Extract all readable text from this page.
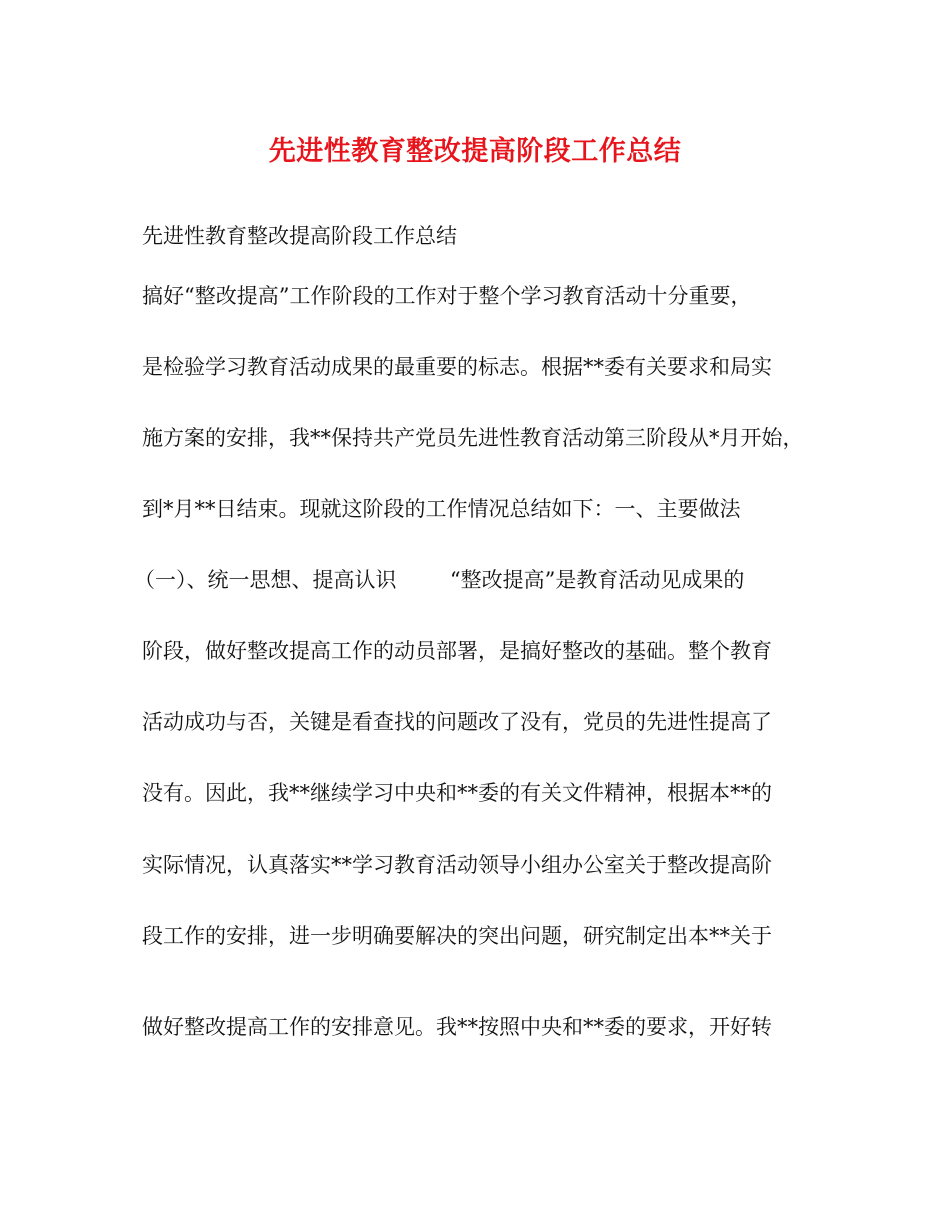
先进性教育整改提高阶段工作总结
先进性教育整改提高阶段工作总结
搞好“整改提高”工作阶段的工作对于整个学习教育活动十分重要，
是检验学习教育活动成果的最重要的标志。根据**委有关要求和局实
施方案的安排，我**保持共产党员先进性教育活动第三阶段从*月开始，
到*月**日结束。现就这阶段的工作情况总结如下：一、主要做法
（一）、统一思想、提高认识        “整改提高”是教育活动见成果的
阶段，做好整改提高工作的动员部署，是搞好整改的基础。整个教育
活动成功与否，关键是看查找的问题改了没有，党员的先进性提高了
没有。因此，我**继续学习中央和**委的有关文件精神，根据本**的
实际情况，认真落实**学习教育活动领导小组办公室关于整改提高阶
段工作的安排，进一步明确要解决的突出问题，研究制定出本**关于
做好整改提高工作的安排意见。我**按照中央和**委的要求，开好转
